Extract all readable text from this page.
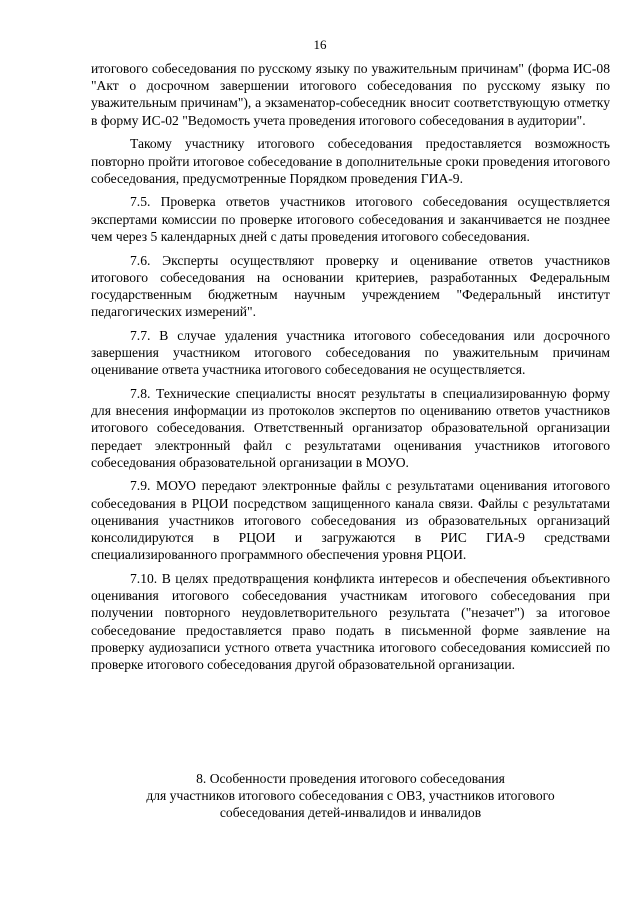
16

итогового собеседования по русскому языку по уважительным причинам" (форма ИС-08 "Акт о досрочном завершении итогового собеседования по русскому языку по уважительным причинам"), а экзаменатор-собеседник вносит соответствующую отметку в форму ИС-02 "Ведомость учета проведения итогового собеседования в аудитории".

Такому участнику итогового собеседования предоставляется возможность повторно пройти итоговое собеседование в дополнительные сроки проведения итогового собеседования, предусмотренные Порядком проведения ГИА-9.

7.5. Проверка ответов участников итогового собеседования осуществляется экспертами комиссии по проверке итогового собеседования и заканчивается не позднее чем через 5 календарных дней с даты проведения итогового собеседования.

7.6. Эксперты осуществляют проверку и оценивание ответов участников итогового собеседования на основании критериев, разработанных Федеральным государственным бюджетным научным учреждением "Федеральный институт педагогических измерений".

7.7. В случае удаления участника итогового собеседования или досрочного завершения участником итогового собеседования по уважительным причинам оценивание ответа участника итогового собеседования не осуществляется.

7.8. Технические специалисты вносят результаты в специализированную форму для внесения информации из протоколов экспертов по оцениванию ответов участников итогового собеседования. Ответственный организатор образовательной организации передает электронный файл с результатами оценивания участников итогового собеседования образовательной организации в МОУО.

7.9. МОУО передают электронные файлы с результатами оценивания итогового собеседования в РЦОИ посредством защищенного канала связи. Файлы с результатами оценивания участников итогового собеседования из образовательных организаций консолидируются в РЦОИ и загружаются в РИС ГИА-9 средствами специализированного программного обеспечения уровня РЦОИ.

7.10. В целях предотвращения конфликта интересов и обеспечения объективного оценивания итогового собеседования участникам итогового собеседования при получении повторного неудовлетворительного результата ("незачет") за итоговое собеседование предоставляется право подать в письменной форме заявление на проверку аудиозаписи устного ответа участника итогового собеседования комиссией по проверке итогового собеседования другой образовательной организации.

8. Особенности проведения итогового собеседования
для участников итогового собеседования с ОВЗ, участников итогового
собеседования детей-инвалидов и инвалидов
